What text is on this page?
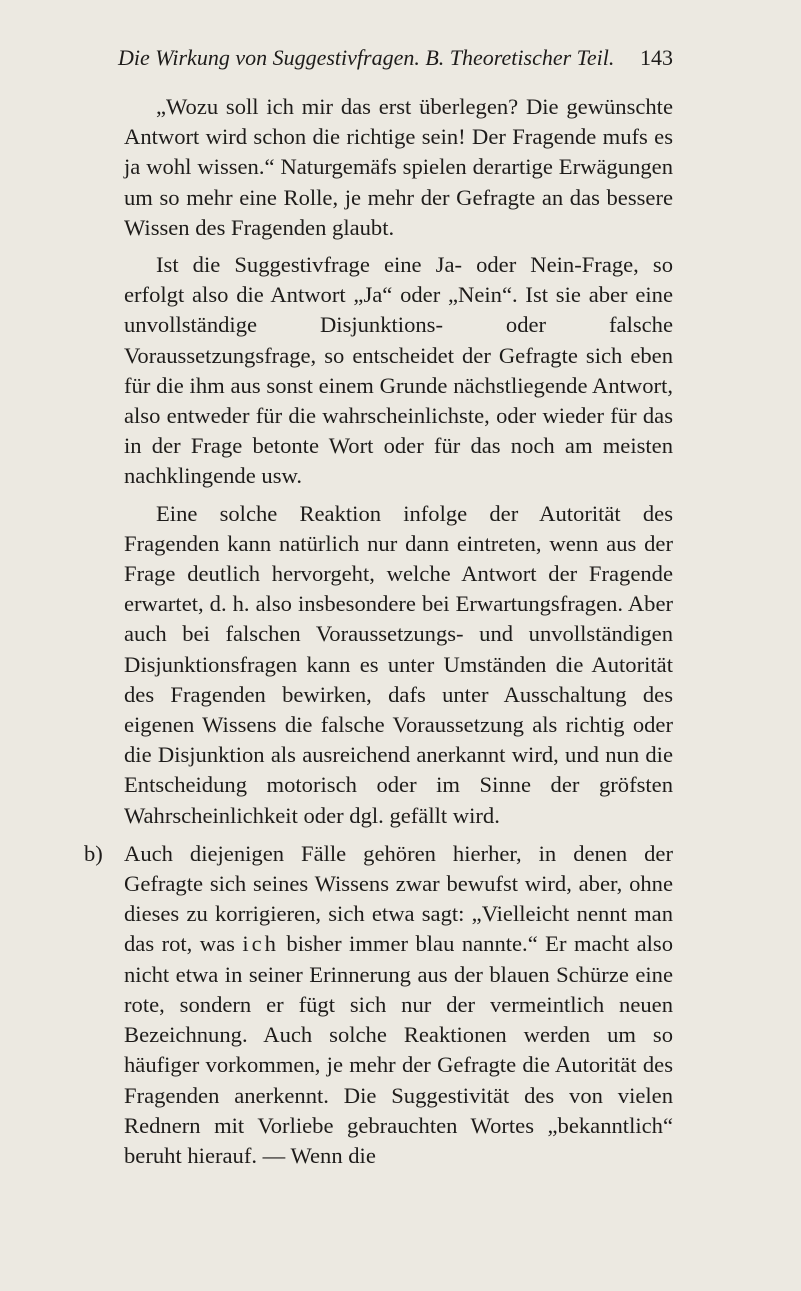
Die Wirkung von Suggestivfragen. B. Theoretischer Teil. 143

„Wozu soll ich mir das erst überlegen? Die gewünschte Antwort wird schon die richtige sein! Der Fragende mufs es ja wohl wissen.“ Naturgemäfs spielen derartige Erwägungen um so mehr eine Rolle, je mehr der Gefragte an das bessere Wissen des Fragenden glaubt.

Ist die Suggestivfrage eine Ja- oder Nein-Frage, so erfolgt also die Antwort „Ja“ oder „Nein“. Ist sie aber eine unvollständige Disjunktions- oder falsche Voraussetzungsfrage, so entscheidet der Gefragte sich eben für die ihm aus sonst einem Grunde nächstliegende Antwort, also entweder für die wahrscheinlichste, oder wieder für das in der Frage betonte Wort oder für das noch am meisten nachklingende usw.

Eine solche Reaktion infolge der Autorität des Fragenden kann natürlich nur dann eintreten, wenn aus der Frage deutlich hervorgeht, welche Antwort der Fragende erwartet, d. h. also insbesondere bei Erwartungsfragen. Aber auch bei falschen Voraussetzungs- und unvollständigen Disjunktionsfragen kann es unter Umständen die Autorität des Fragenden bewirken, dafs unter Ausschaltung des eigenen Wissens die falsche Voraussetzung als richtig oder die Disjunktion als ausreichend anerkannt wird, und nun die Entscheidung motorisch oder im Sinne der gröfsten Wahrscheinlichkeit oder dgl. gefällt wird.

b) Auch diejenigen Fälle gehören hierher, in denen der Gefragte sich seines Wissens zwar bewufst wird, aber, ohne dieses zu korrigieren, sich etwa sagt: „Vielleicht nennt man das rot, was ich bisher immer blau nannte.“ Er macht also nicht etwa in seiner Erinnerung aus der blauen Schürze eine rote, sondern er fügt sich nur der vermeintlich neuen Bezeichnung. Auch solche Reaktionen werden um so häufiger vorkommen, je mehr der Gefragte die Autorität des Fragenden anerkennt. Die Suggestivität des von vielen Rednern mit Vorliebe gebrauchten Wortes „bekanntlich“ beruht hierauf. — Wenn die
